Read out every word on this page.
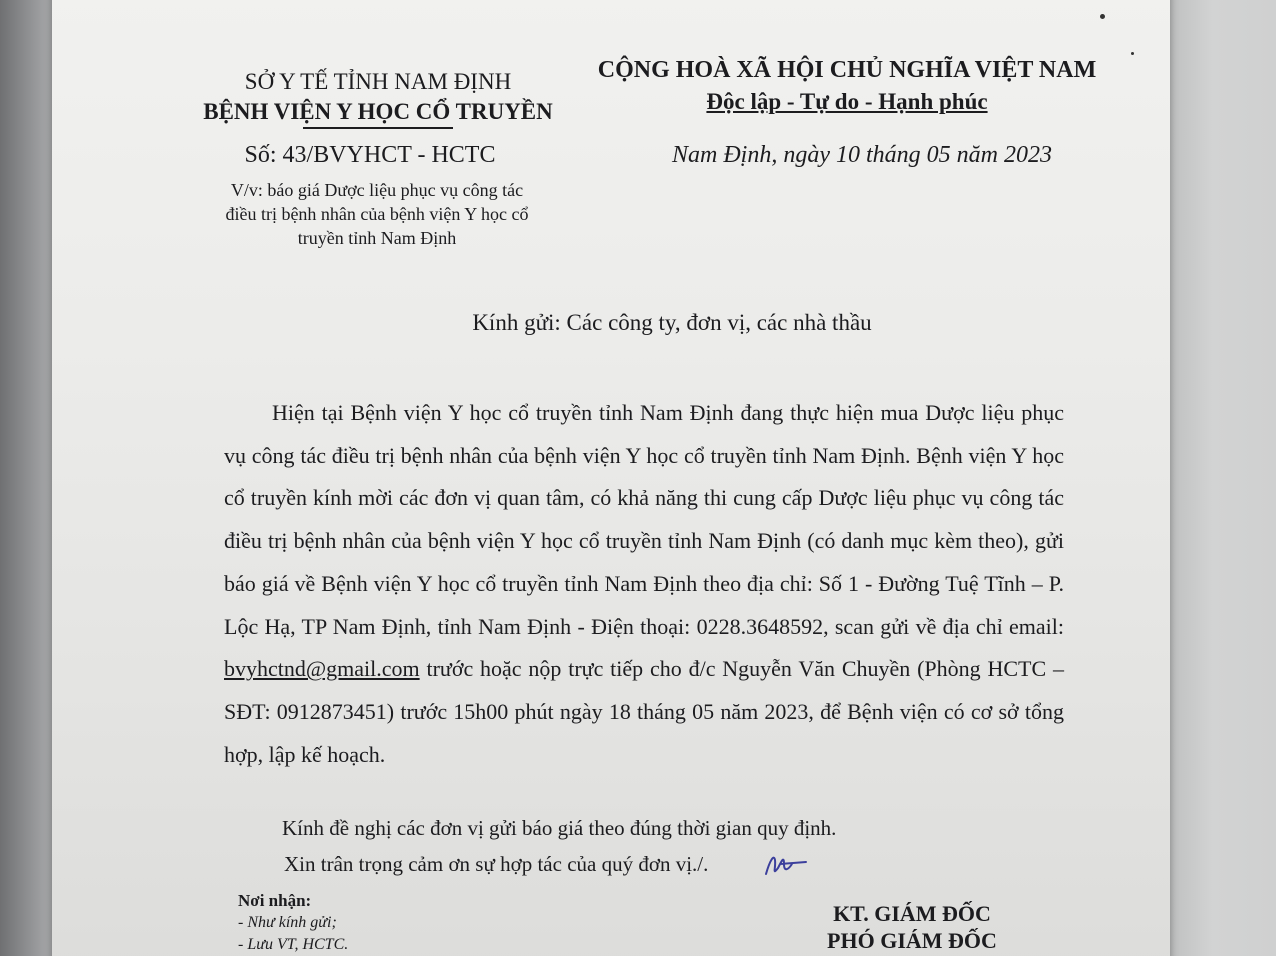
SỞ Y TẾ TỈNH NAM ĐỊNH
BỆNH VIỆN Y HỌC CỔ TRUYỀN
CỘNG HOÀ XÃ HỘI CHỦ NGHĨA VIỆT NAM
Độc lập - Tự do - Hạnh phúc
Số: 43/BVYHCT - HCTC
V/v: báo giá Dược liệu phục vụ công tác
điều trị bệnh nhân của bệnh viện Y học cổ
truyền tỉnh Nam Định
Nam Định, ngày 10 tháng 05 năm 2023
Kính gửi: Các công ty, đơn vị, các nhà thầu

Hiện tại Bệnh viện Y học cổ truyền tỉnh Nam Định đang thực hiện mua Dược liệu phục vụ công tác điều trị bệnh nhân của bệnh viện Y học cổ truyền tỉnh Nam Định. Bệnh viện Y học cổ truyền kính mời các đơn vị quan tâm, có khả năng thi cung cấp Dược liệu phục vụ công tác điều trị bệnh nhân của bệnh viện Y học cổ truyền tỉnh Nam Định (có danh mục kèm theo), gửi báo giá về Bệnh viện Y học cổ truyền tỉnh Nam Định theo địa chỉ: Số 1 - Đường Tuệ Tĩnh – P. Lộc Hạ, TP Nam Định, tỉnh Nam Định - Điện thoại: 0228.3648592, scan gửi về địa chỉ email: bvyhctnd@gmail.com trước hoặc nộp trực tiếp cho đ/c Nguyễn Văn Chuyền (Phòng HCTC – SĐT: 0912873451) trước 15h00 phút ngày 18 tháng 05 năm 2023, để Bệnh viện có cơ sở tổng hợp, lập kế hoạch.

Kính đề nghị các đơn vị gửi báo giá theo đúng thời gian quy định.
Xin trân trọng cảm ơn sự hợp tác của quý đơn vị./.
Nơi nhận:
- Như kính gửi;
- Lưu VT, HCTC.
KT. GIÁM ĐỐC
PHÓ GIÁM ĐỐC
